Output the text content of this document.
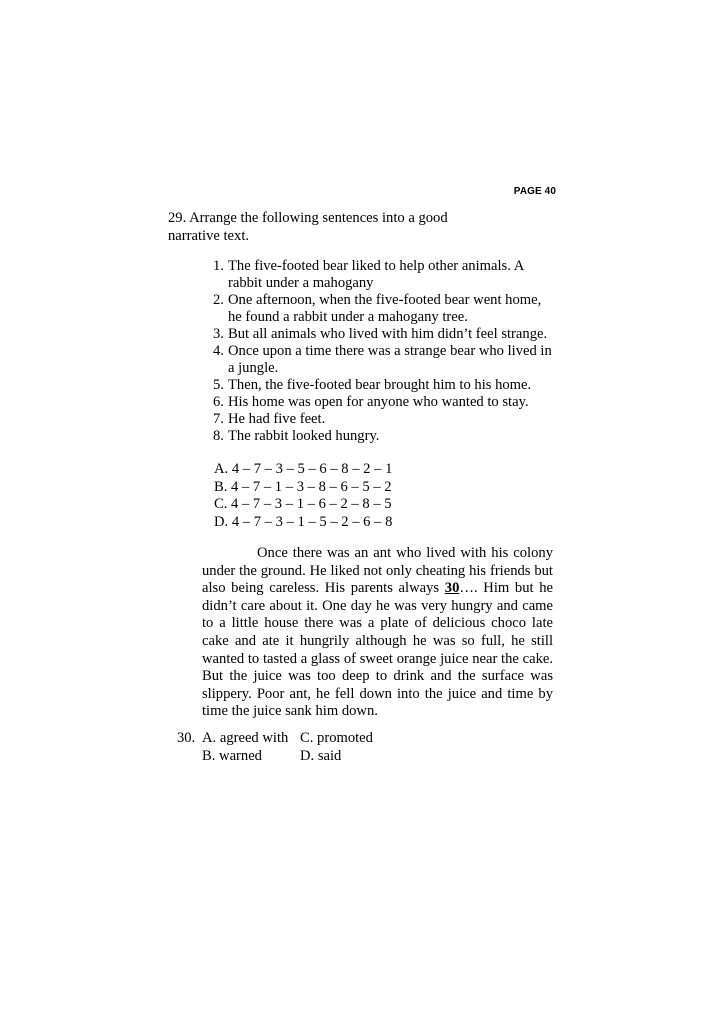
PAGE 40
29. Arrange the following sentences into a good
narrative text.
1. The five-footed bear liked to help other animals. A rabbit under a mahogany
2. One afternoon, when the five-footed bear went home, he found a rabbit under a mahogany tree.
3. But all animals who lived with him didn’t feel strange.
4. Once upon a time there was a strange bear who lived in a jungle.
5. Then, the five-footed bear brought him to his home.
6. His home was open for anyone who wanted to stay.
7. He had five feet.
8. The rabbit looked hungry.
A. 4 – 7 – 3 – 5 – 6 – 8 – 2 – 1
B. 4 – 7 – 1 – 3 – 8 – 6 – 5 – 2
C. 4 – 7 – 3 – 1 – 6 – 2 – 8 – 5
D. 4 – 7 – 3 – 1 – 5 – 2 – 6 – 8

Once there was an ant who lived with his colony under the ground. He liked not only cheating his friends but also being careless. His parents always 30…. Him but he didn’t care about it. One day he was very hungry and came to a little house there was a plate of delicious choco late cake and ate it hungrily although he was so full, he still wanted to tasted a glass of sweet orange juice near the cake. But the juice was too deep to drink and the surface was slippery. Poor ant, he fell down into the juice and time by time the juice sank him down.

30. A. agreed with C. promoted
B. warned	D. said
